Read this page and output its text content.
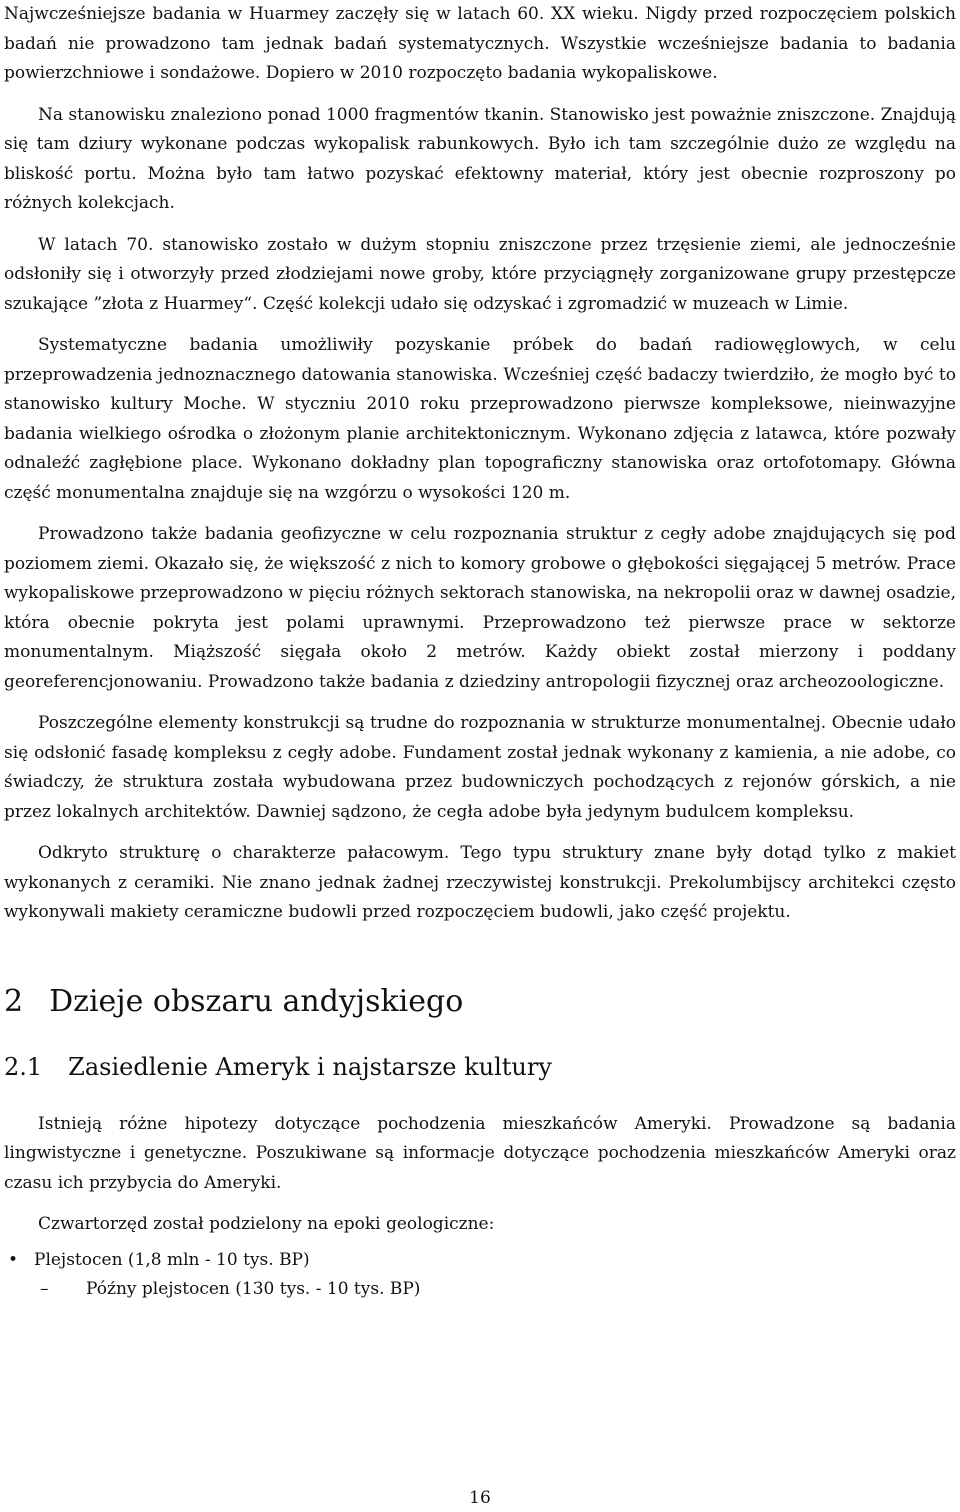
Najwcześniejsze badania w Huarmey zaczęły się w latach 60. XX wieku. Nigdy przed rozpoczęciem polskich badań nie prowadzono tam jednak badań systematycznych. Wszystkie wcześniejsze badania to badania powierzchniowe i sondażowe. Dopiero w 2010 rozpoczęto badania wykopaliskowe.

Na stanowisku znaleziono ponad 1000 fragmentów tkanin. Stanowisko jest poważnie zniszczone. Znajdują się tam dziury wykonane podczas wykopalisk rabunkowych. Było ich tam szczególnie dużo ze względu na bliskość portu. Można było tam łatwo pozyskać efektowny materiał, który jest obecnie rozproszony po różnych kolekcjach.

W latach 70. stanowisko zostało w dużym stopniu zniszczone przez trzęsienie ziemi, ale jednocześnie odsłoniły się i otworzyły przed złodziejami nowe groby, które przyciągnęły zorganizowane grupy przestępcze szukające ”złota z Huarmey“. Część kolekcji udało się odzyskać i zgromadzić w muzeach w Limie.

Systematyczne badania umożliwiły pozyskanie próbek do badań radiowęglowych, w celu przeprowadzenia jednoznacznego datowania stanowiska. Wcześniej część badaczy twierdziło, że mogło być to stanowisko kultury Moche. W styczniu 2010 roku przeprowadzono pierwsze kompleksowe, nieinwazyjne badania wielkiego ośrodka o złożonym planie architektonicznym. Wykonano zdjęcia z latawca, które pozwały odnaleźć zagłębione place. Wykonano dokładny plan topograficzny stanowiska oraz ortofotomapy. Główna część monumentalna znajduje się na wzgórzu o wysokości 120 m.

Prowadzono także badania geofizyczne w celu rozpoznania struktur z cegły adobe znajdujących się pod poziomem ziemi. Okazało się, że większość z nich to komory grobowe o głębokości sięgającej 5 metrów. Prace wykopaliskowe przeprowadzono w pięciu różnych sektorach stanowiska, na nekropolii oraz w dawnej osadzie, która obecnie pokryta jest polami uprawnymi. Przeprowadzono też pierwsze prace w sektorze monumentalnym. Miąższość sięgała około 2 metrów. Każdy obiekt został mierzony i poddany georeferencjonowaniu. Prowadzono także badania z dziedziny antropologii fizycznej oraz archeozoologiczne.

Poszczególne elementy konstrukcji są trudne do rozpoznania w strukturze monumentalnej. Obecnie udało się odsłonić fasadę kompleksu z cegły adobe. Fundament został jednak wykonany z kamienia, a nie adobe, co świadczy, że struktura została wybudowana przez budowniczych pochodzących z rejonów górskich, a nie przez lokalnych architektów. Dawniej sądzono, że cegła adobe była jedynym budulcem kompleksu.

Odkryto strukturę o charakterze pałacowym. Tego typu struktury znane były dotąd tylko z makiet wykonanych z ceramiki. Nie znano jednak żadnej rzeczywistej konstrukcji. Prekolumbijscy architekci często wykonywali makiety ceramiczne budowli przed rozpoczęciem budowli, jako część projektu.

2 Dzieje obszaru andyjskiego
2.1 Zasiedlenie Ameryk i najstarsze kultury

Istnieją różne hipotezy dotyczące pochodzenia mieszkańców Ameryki. Prowadzone są badania lingwistyczne i genetyczne. Poszukiwane są informacje dotyczące pochodzenia mieszkańców Ameryki oraz czasu ich przybycia do Ameryki.

Czwartorzęd został podzielony na epoki geologiczne:

• Plejstocen (1,8 mln - 10 tys. BP)
– Późny plejstocen (130 tys. - 10 tys. BP)
16
